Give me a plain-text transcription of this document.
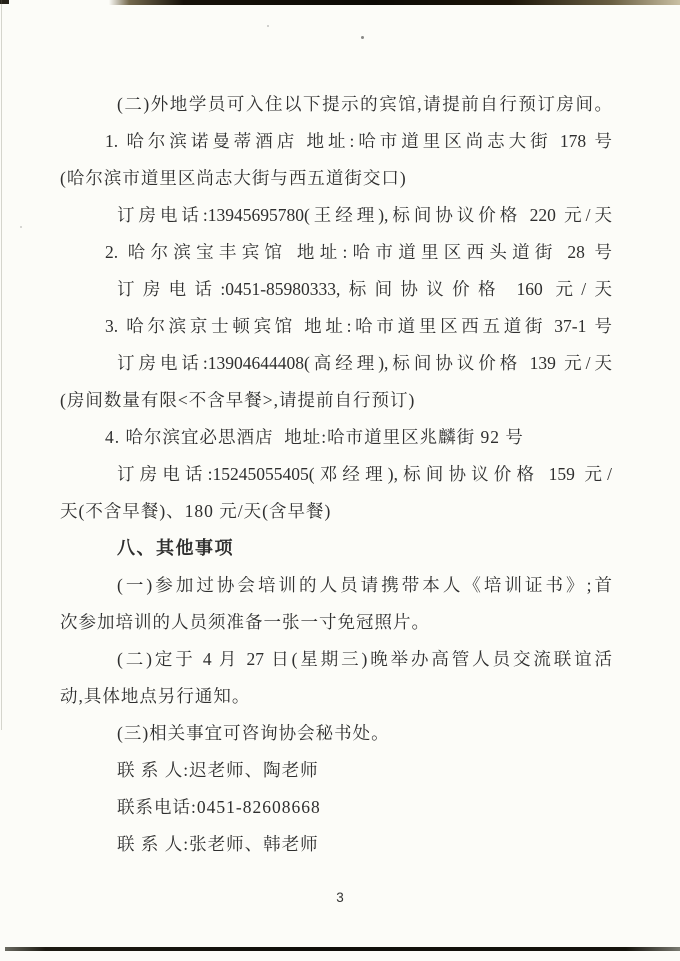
(二)外地学员可入住以下提示的宾馆,请提前自行预订房间。
1. 哈尔滨诺曼蒂酒店 地址:哈市道里区尚志大街 178 号
(哈尔滨市道里区尚志大街与西五道街交口)
订房电话:13945695780(王经理),标间协议价格 220 元/天
2. 哈尔滨宝丰宾馆 地址:哈市道里区西头道街 28 号
订房电话:0451-85980333,标间协议价格 160 元/天
3. 哈尔滨京士顿宾馆 地址:哈市道里区西五道街 37-1 号
订房电话:13904644408(高经理),标间协议价格 139 元/天
(房间数量有限<不含早餐>,请提前自行预订)
4. 哈尔滨宜必思酒店  地址:哈市道里区兆麟街 92 号
订房电话:15245055405(邓经理),标间协议价格 159 元/
天(不含早餐)、180 元/天(含早餐)
八、其他事项
(一)参加过协会培训的人员请携带本人《培训证书》;首
次参加培训的人员须准备一张一寸免冠照片。
(二)定于 4 月 27 日(星期三)晚举办高管人员交流联谊活
动,具体地点另行通知。
(三)相关事宜可咨询协会秘书处。
联 系 人:迟老师、陶老师
联系电话:0451-82608668
联 系 人:张老师、韩老师
3
